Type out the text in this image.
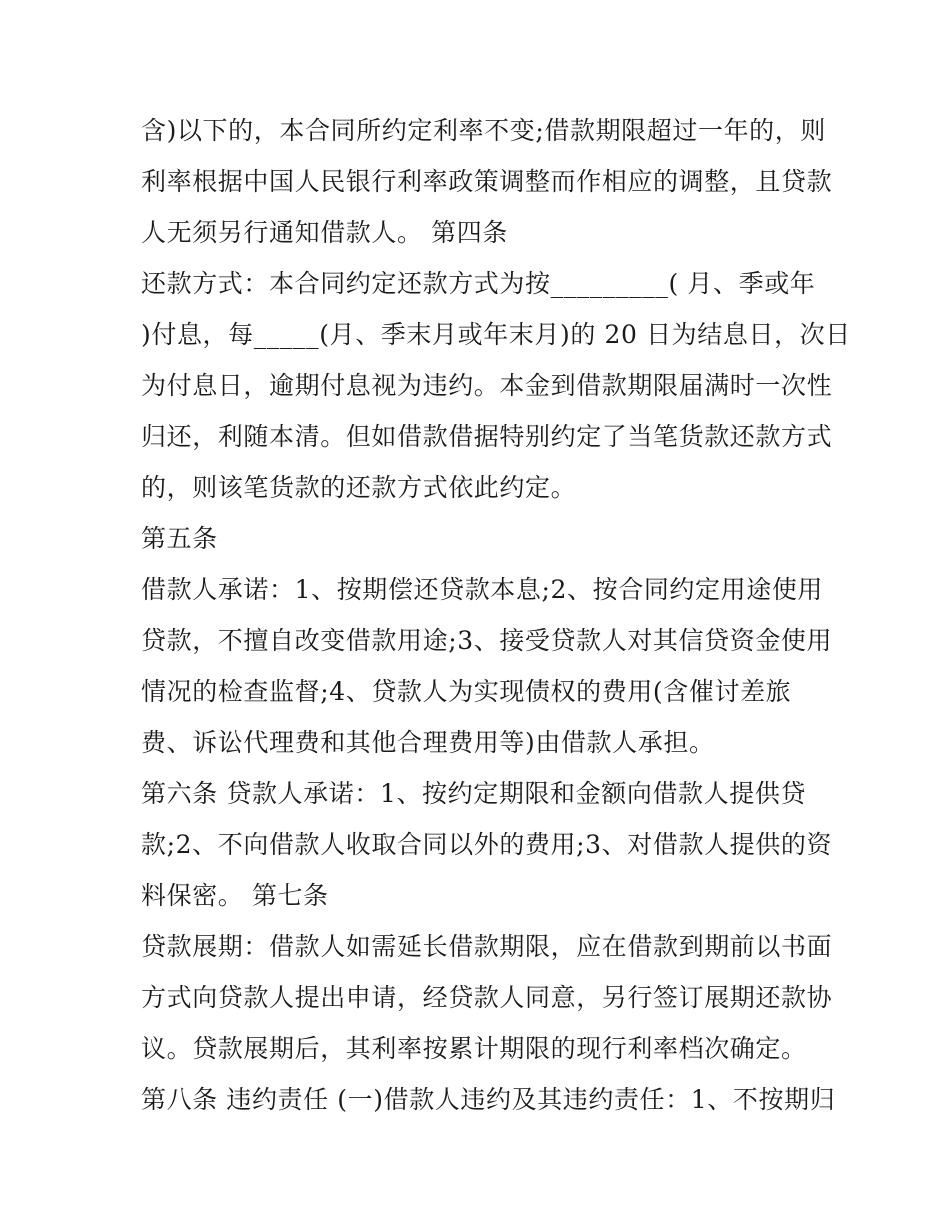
含)以下的，本合同所约定利率不变;借款期限超过一年的，则
利率根据中国人民银行利率政策调整而作相应的调整，且贷款
人无须另行通知借款人。 第四条
还款方式：本合同约定还款方式为按_________( 月、季或年
)付息，每_____(月、季末月或年末月)的 20 日为结息日，次日
为付息日，逾期付息视为违约。本金到借款期限届满时一次性
归还，利随本清。但如借款借据特别约定了当笔货款还款方式
的，则该笔货款的还款方式依此约定。
第五条
借款人承诺：1、按期偿还贷款本息;2、按合同约定用途使用
贷款，不擅自改变借款用途;3、接受贷款人对其信贷资金使用
情况的检查监督;4、贷款人为实现债权的费用(含催讨差旅
费、诉讼代理费和其他合理费用等)由借款人承担。
第六条 贷款人承诺：1、按约定期限和金额向借款人提供贷
款;2、不向借款人收取合同以外的费用;3、对借款人提供的资
料保密。 第七条
贷款展期：借款人如需延长借款期限，应在借款到期前以书面
方式向贷款人提出申请，经贷款人同意，另行签订展期还款协
议。贷款展期后，其利率按累计期限的现行利率档次确定。
第八条 违约责任 (一)借款人违约及其违约责任：1、不按期归
